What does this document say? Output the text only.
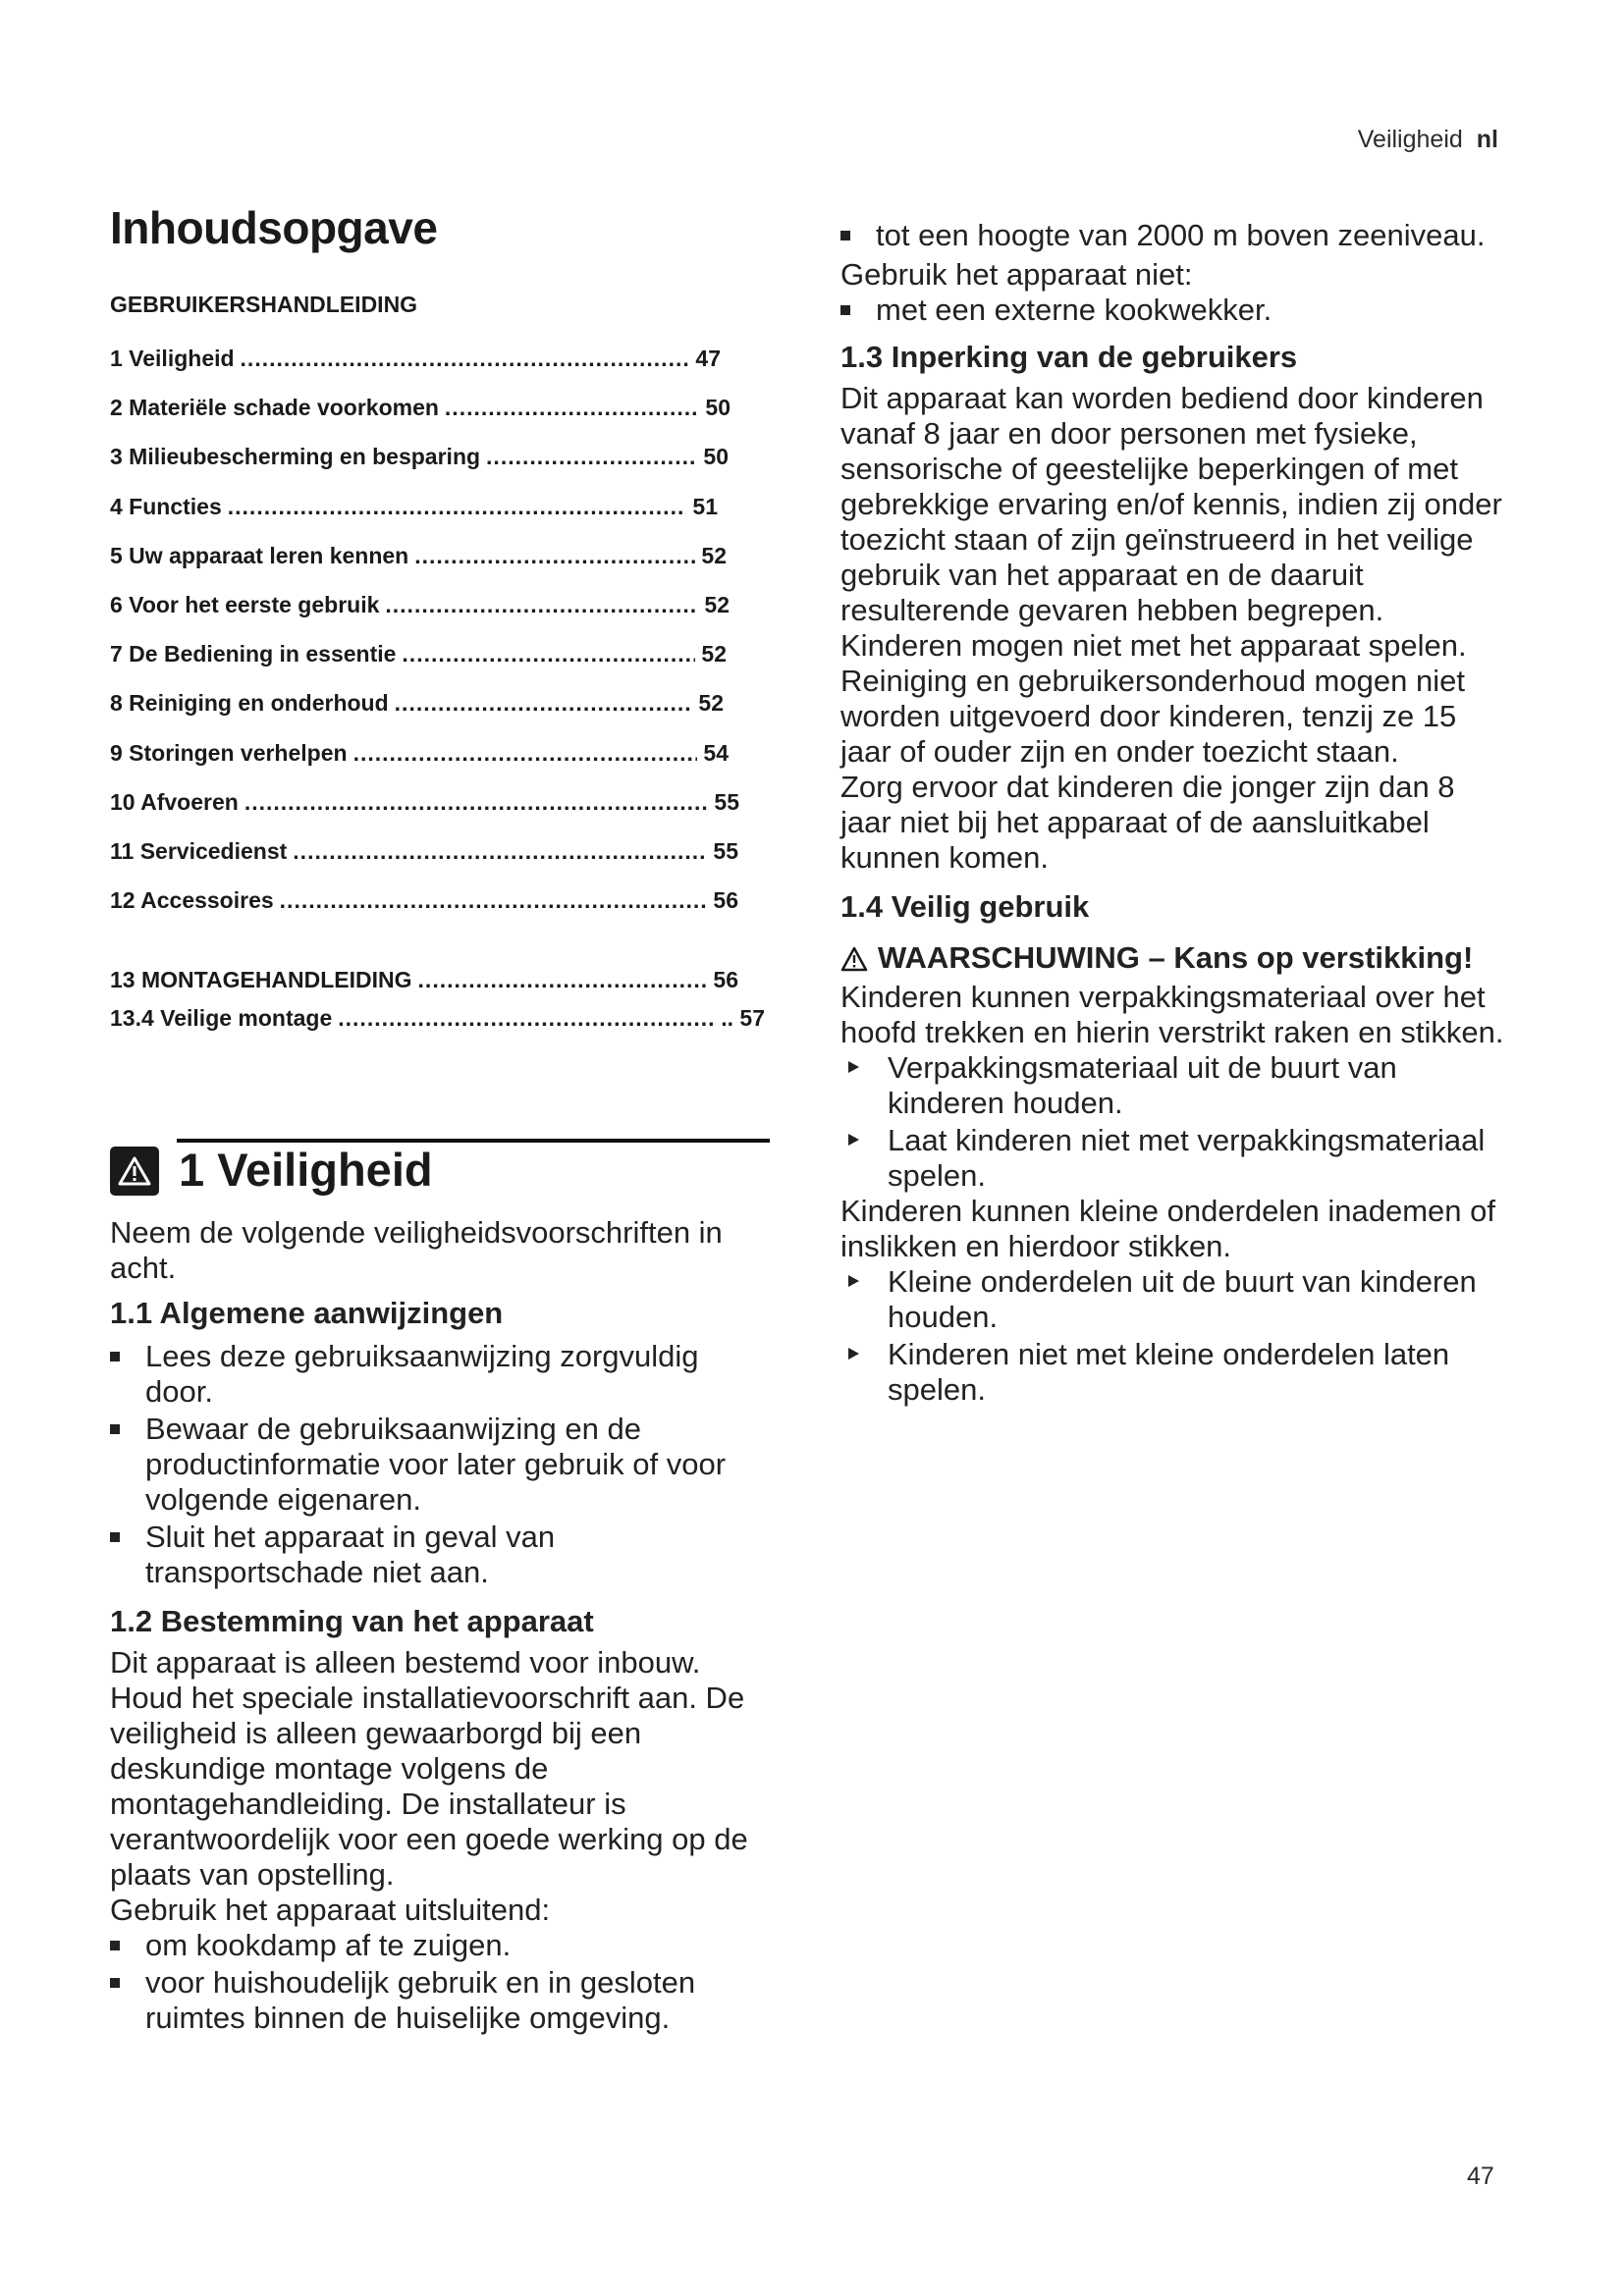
Veiligheid nl
Inhoudsopgave
GEBRUIKERSHANDLEIDING
1 Veiligheid .....	47
2 Materiële schade voorkomen .....	50
3 Milieubescherming en besparing .....	50
4 Functies .....	51
5 Uw apparaat leren kennen .....	52
6 Voor het eerste gebruik .....	52
7 De Bediening in essentie .....	52
8 Reiniging en onderhoud .....	52
9 Storingen verhelpen .....	54
10 Afvoeren .....	55
11 Servicedienst .....	55
12 Accessoires .....	56
13 MONTAGEHANDLEIDING .....	56
13.4 Veilige montage .....	.. 57
1 Veiligheid
Neem de volgende veiligheidsvoorschriften in acht.
1.1 Algemene aanwijzingen
Lees deze gebruiksaanwijzing zorgvuldig door.
Bewaar de gebruiksaanwijzing en de productinformatie voor later gebruik of voor volgende eigenaren.
Sluit het apparaat in geval van transportschade niet aan.
1.2 Bestemming van het apparaat
Dit apparaat is alleen bestemd voor inbouw. Houd het speciale installatievoorschrift aan. De veiligheid is alleen gewaarborgd bij een deskundige montage volgens de montagehandleiding. De installateur is verantwoordelijk voor een goede werking op de plaats van opstelling.
Gebruik het apparaat uitsluitend:
om kookdamp af te zuigen.
voor huishoudelijk gebruik en in gesloten ruimtes binnen de huiselijke omgeving.
tot een hoogte van 2000 m boven zeeniveau.
Gebruik het apparaat niet:
met een externe kookwekker.
1.3 Inperking van de gebruikers
Dit apparaat kan worden bediend door kinderen vanaf 8 jaar en door personen met fysieke, sensorische of geestelijke beperkingen of met gebrekkige ervaring en/of kennis, indien zij onder toezicht staan of zijn geïnstrueerd in het veilige gebruik van het apparaat en de daaruit resulterende gevaren hebben begrepen.
Kinderen mogen niet met het apparaat spelen.
Reiniging en gebruikersonderhoud mogen niet worden uitgevoerd door kinderen, tenzij ze 15 jaar of ouder zijn en onder toezicht staan.
Zorg ervoor dat kinderen die jonger zijn dan 8 jaar niet bij het apparaat of de aansluitkabel kunnen komen.
1.4 Veilig gebruik
WAARSCHUWING – Kans op verstikking!
Kinderen kunnen verpakkingsmateriaal over het hoofd trekken en hierin verstrikt raken en stikken.
Verpakkingsmateriaal uit de buurt van kinderen houden.
Laat kinderen niet met verpakkingsmateriaal spelen.
Kinderen kunnen kleine onderdelen inademen of inslikken en hierdoor stikken.
Kleine onderdelen uit de buurt van kinderen houden.
Kinderen niet met kleine onderdelen laten spelen.
47
